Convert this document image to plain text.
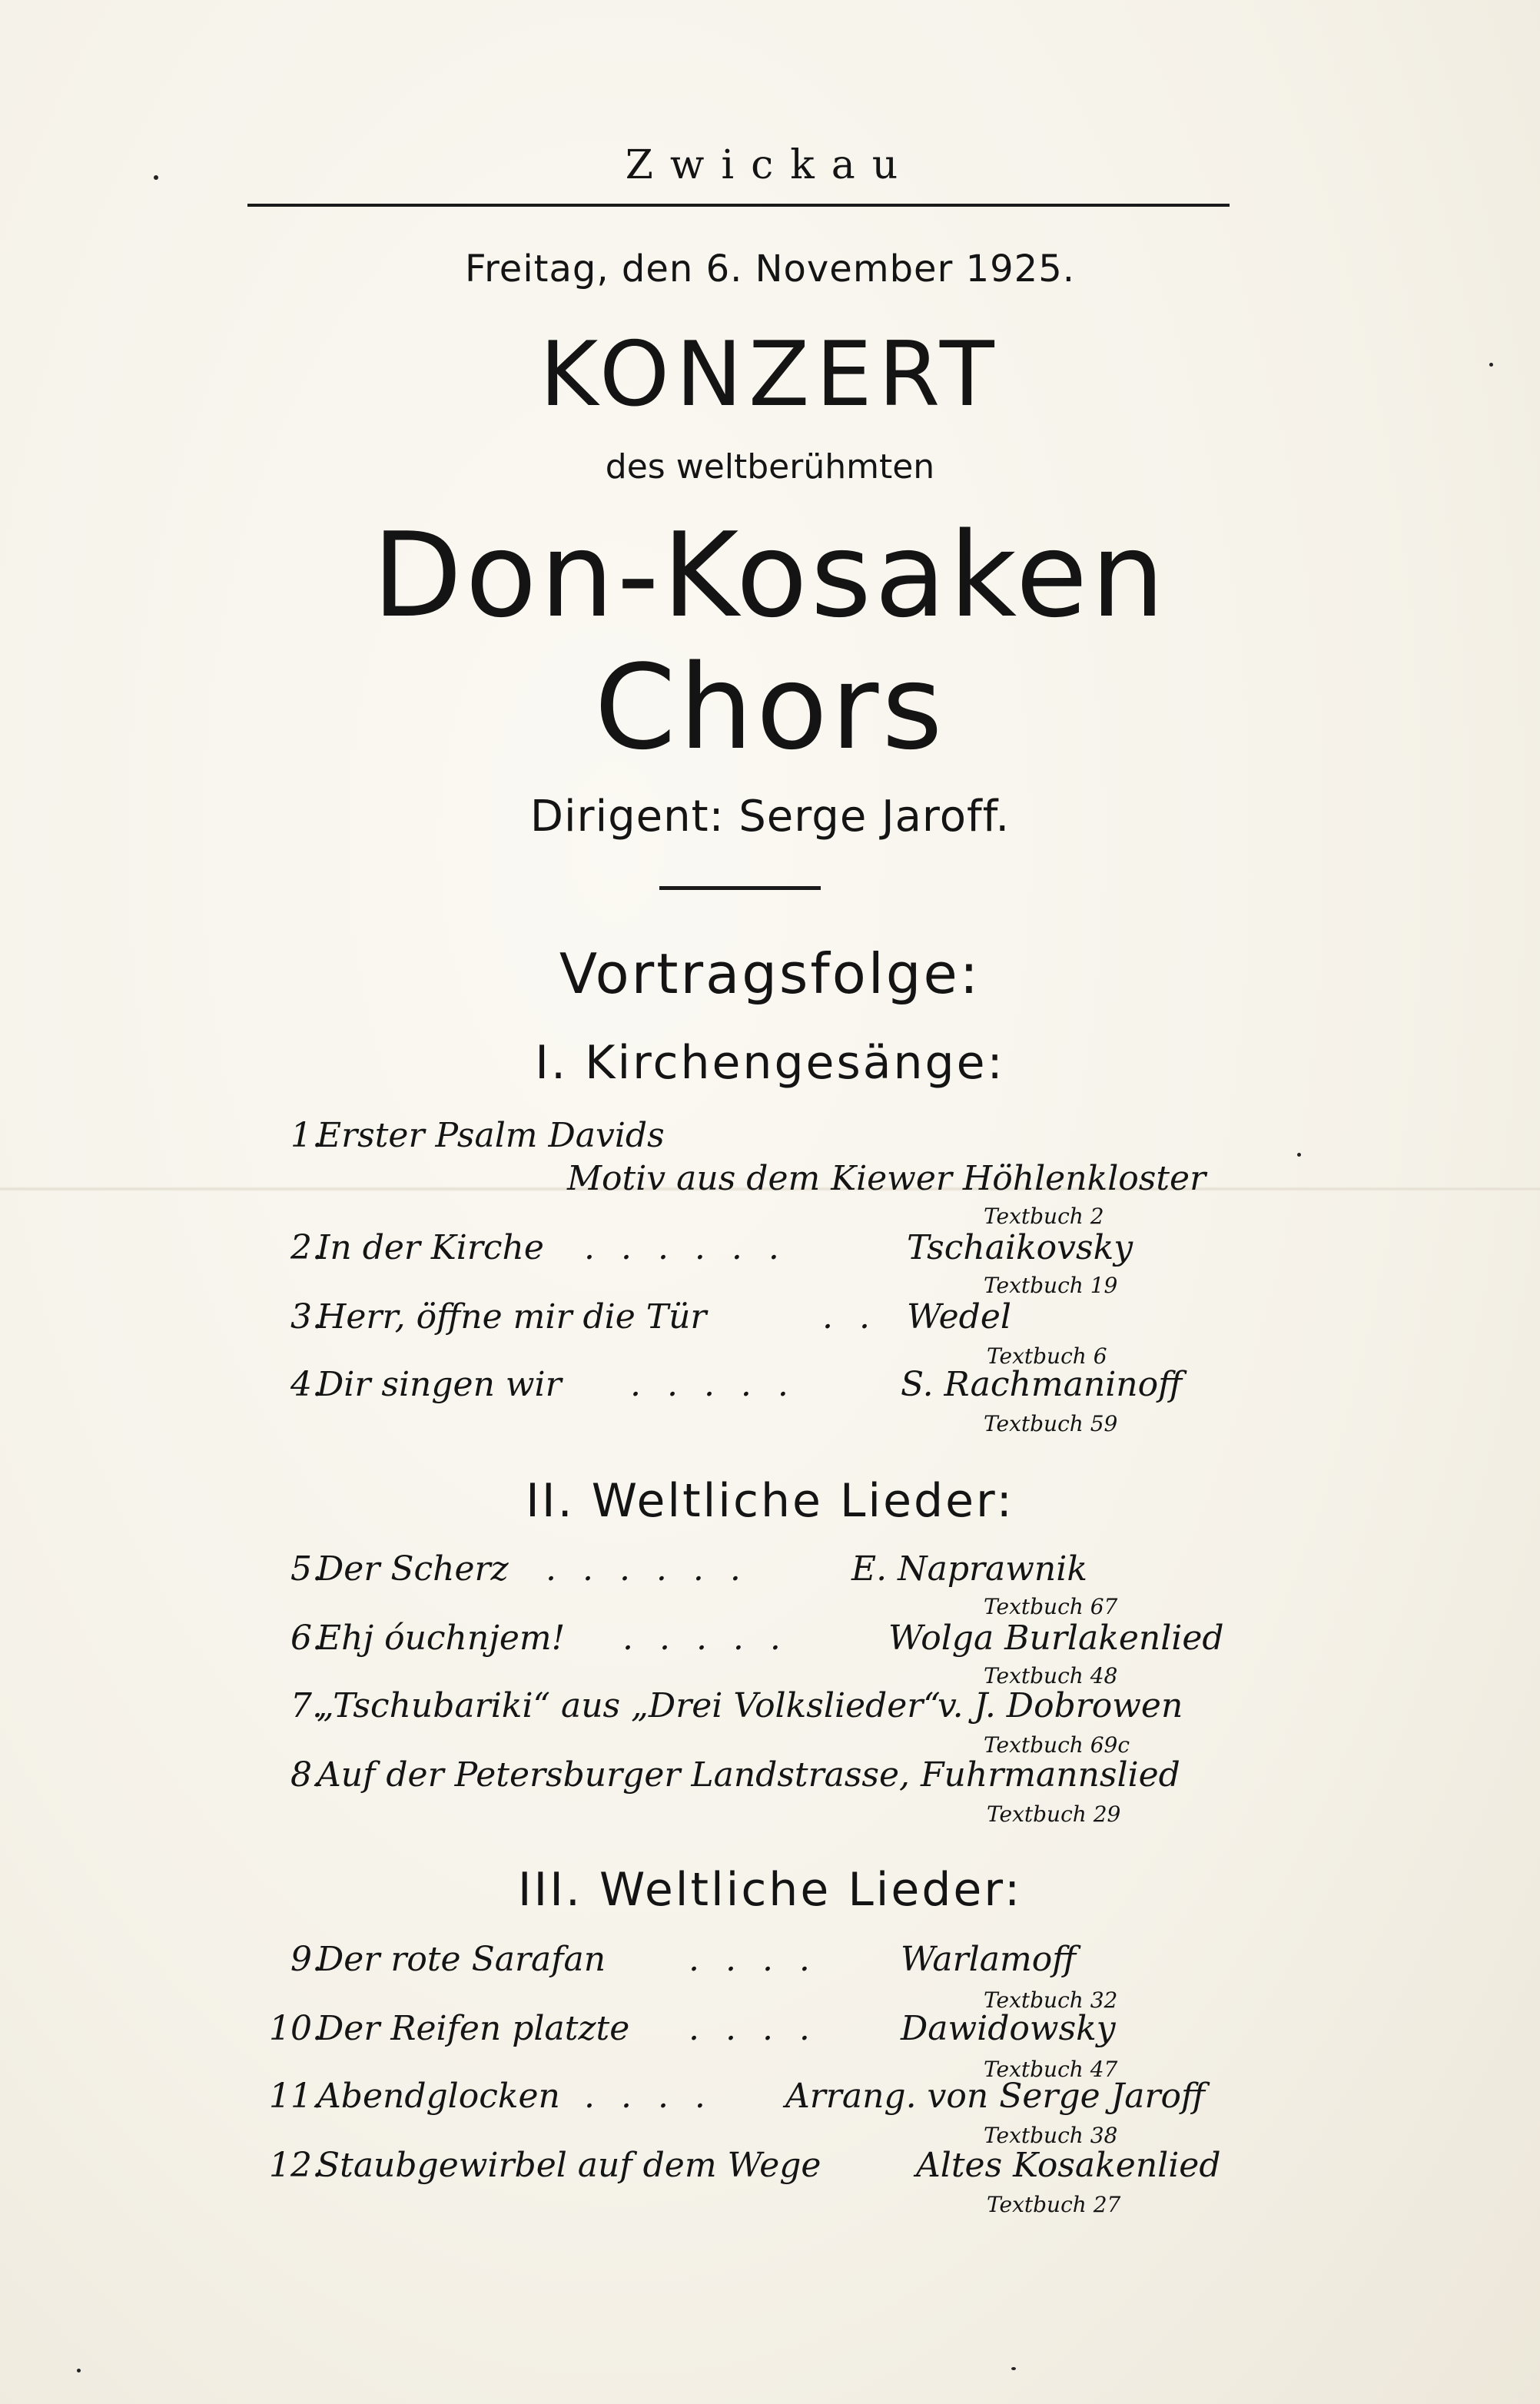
Zwickau
Freitag, den 6. November 1925.
KONZERT
des weltberühmten
Don-Kosaken
Chors
Dirigent: Serge Jaroff.
Vortragsfolge:
I. Kirchengesänge:
1.
Erster Psalm Davids
Motiv aus dem Kiewer Höhlenkloster
Textbuch 2
2.
In der Kirche . . . . . .	Tschaikovsky
Textbuch 19
3.
Herr, öffne mir die Tür	. . Wedel
Textbuch 6
4.
Dir singen wir . . . . .	S. Rachmaninoff
Textbuch 59
II. Weltliche Lieder:
5.
Der Scherz . . . . . .	E. Naprawnik
Textbuch 67
6.
Ehj óuchnjem! . . . . .	Wolga Burlakenlied
Textbuch 48
7.
„Tschubariki“ aus „Drei Volkslieder“
v. J. Dobrowen
Textbuch 69c
8.
Auf der Petersburger Landstrasse, Fuhrmannslied
Textbuch 29
III. Weltliche Lieder:
9.
Der rote Sarafan . . . . Warlamoff
Textbuch 32
10.
Der Reifen platzte . . . . Dawidowsky
Textbuch 47
11.
Abendglocken . . . . Arrang. von Serge Jaroff
Textbuch 38
12.
Staubgewirbel auf dem Wege	Altes Kosakenlied
Textbuch 27
